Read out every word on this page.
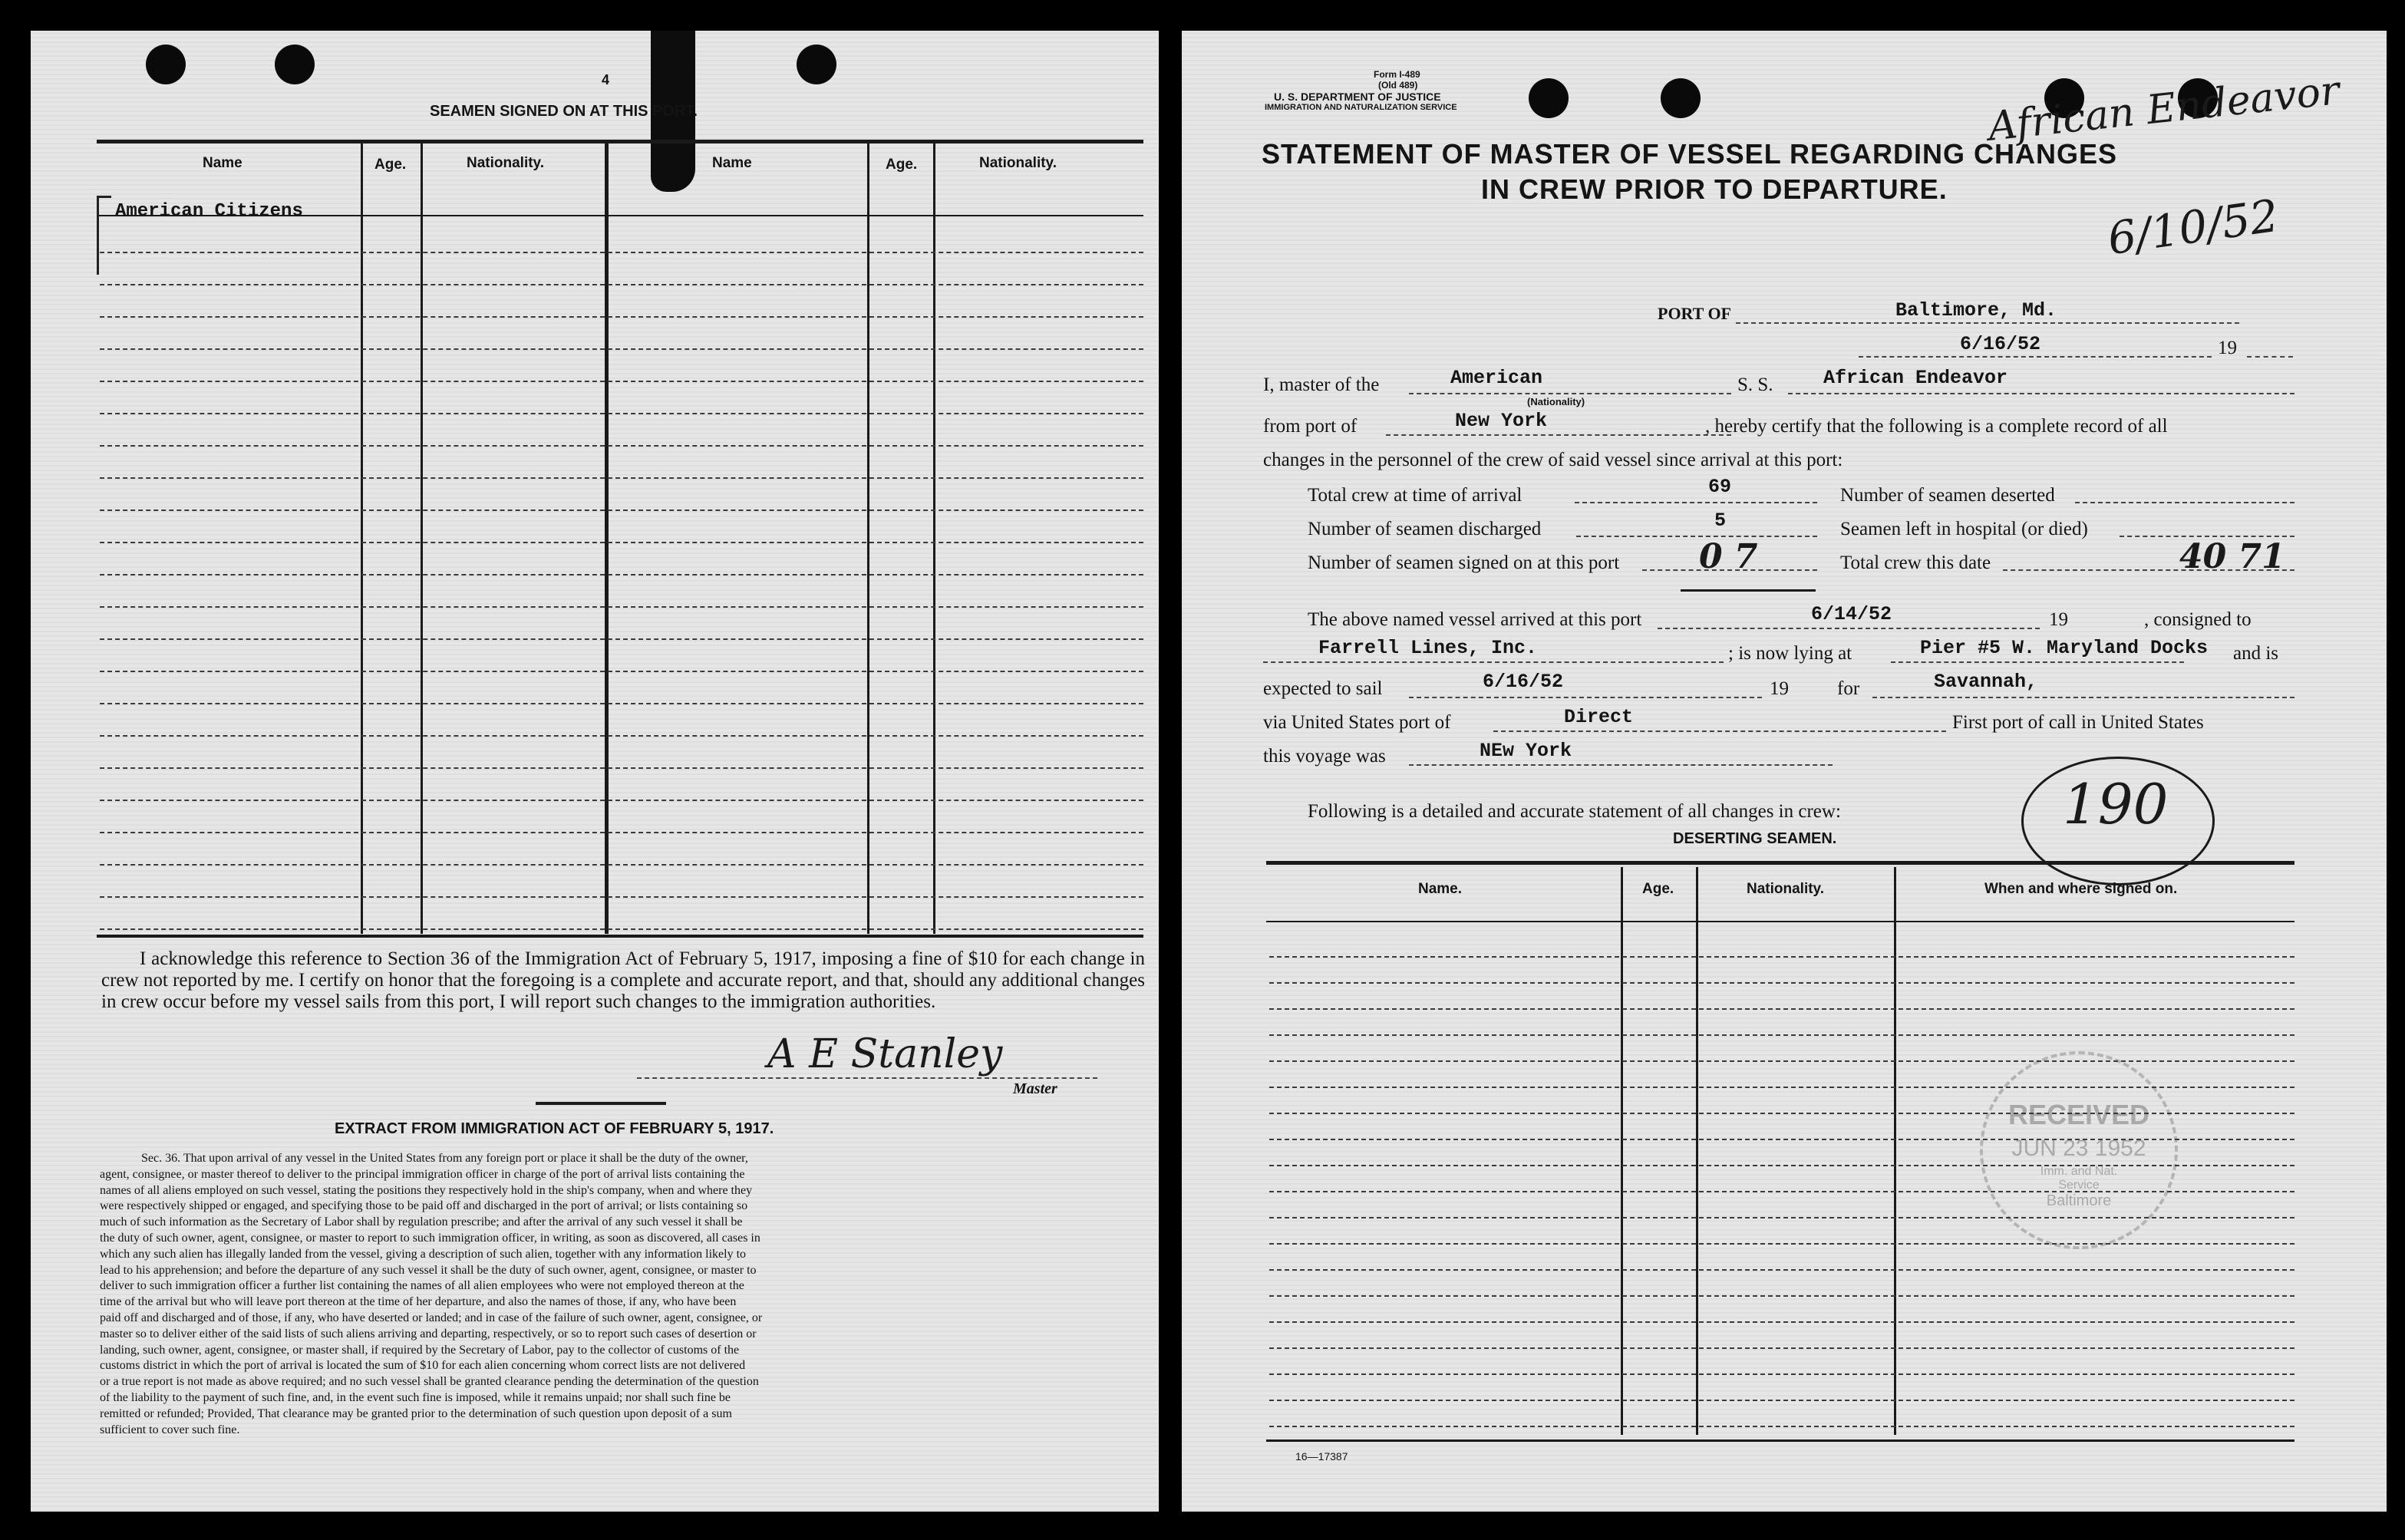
4
SEAMEN SIGNED ON AT THIS PORT.
Name	Age.	Nationality.	Name	Age.	Nationality.
American Citizens
I acknowledge this reference to Section 36 of the Immigration Act of February 5, 1917, imposing a fine of $10 for each change in crew not reported by me. I certify on honor that the foregoing is a complete and accurate report, and that, should any additional changes in crew occur before my vessel sails from this port, I will report such changes to the immigration authorities.
A E Stanley
Master
EXTRACT FROM IMMIGRATION ACT OF FEBRUARY 5, 1917.
Sec. 36. That upon arrival of any vessel in the United States from any foreign port or place it shall be the duty of the owner,
agent, consignee, or master thereof to deliver to the principal immigration officer in charge of the port of arrival lists containing the
names of all aliens employed on such vessel, stating the positions they respectively hold in the ship's company, when and where they
were respectively shipped or engaged, and specifying those to be paid off and discharged in the port of arrival; or lists containing so
much of such information as the Secretary of Labor shall by regulation prescribe; and after the arrival of any such vessel it shall be
the duty of such owner, agent, consignee, or master to report to such immigration officer, in writing, as soon as discovered, all cases in
which any such alien has illegally landed from the vessel, giving a description of such alien, together with any information likely to
lead to his apprehension; and before the departure of any such vessel it shall be the duty of such owner, agent, consignee, or master to
deliver to such immigration officer a further list containing the names of all alien employees who were not employed thereon at the
time of the arrival but who will leave port thereon at the time of her departure, and also the names of those, if any, who have been
paid off and discharged and of those, if any, who have deserted or landed; and in case of the failure of such owner, agent, consignee, or
master so to deliver either of the said lists of such aliens arriving and departing, respectively, or so to report such cases of desertion or
landing, such owner, agent, consignee, or master shall, if required by the Secretary of Labor, pay to the collector of customs of the
customs district in which the port of arrival is located the sum of $10 for each alien concerning whom correct lists are not delivered
or a true report is not made as above required; and no such vessel shall be granted clearance pending the determination of the question
of the liability to the payment of such fine, and, in the event such fine is imposed, while it remains unpaid; nor shall such fine be
remitted or refunded; Provided, That clearance may be granted prior to the determination of such question upon deposit of a sum
sufficient to cover such fine.
Form I-489
(Old 489)
U. S. DEPARTMENT OF JUSTICE
IMMIGRATION AND NATURALIZATION SERVICE
STATEMENT OF MASTER OF VESSEL REGARDING CHANGES
IN CREW PRIOR TO DEPARTURE.
African Endeavor
6/10/52
PORT OF	Baltimore, Md.
6/16/52	19
I, master of the	American
(Nationality)
S. S.	African Endeavor
from port of	New York	, hereby certify that the following is a complete record of all
changes in the personnel of the crew of said vessel since arrival at this port:
Total crew at time of arrival	69	Number of seamen deserted
Number of seamen discharged	5	Seamen left in hospital (or died)
Number of seamen signed on at this port 0 7	Total crew this date	40 71
The above named vessel arrived at this port	6/14/52	19	, consigned to
Farrell Lines, Inc.	; is now lying at	Pier #5 W. Maryland Docks and is
expected to sail	6/16/52	19	for	Savannah,
via United States port of	Direct	First port of call in United States
this voyage was	NEw York
190
Following is a detailed and accurate statement of all changes in crew:
DESERTING SEAMEN.
Name.	Age.	Nationality.	When and where signed on.
RECEIVED
JUN 23 1952
Imm. and Nat.
Service
Baltimore
16—17387
